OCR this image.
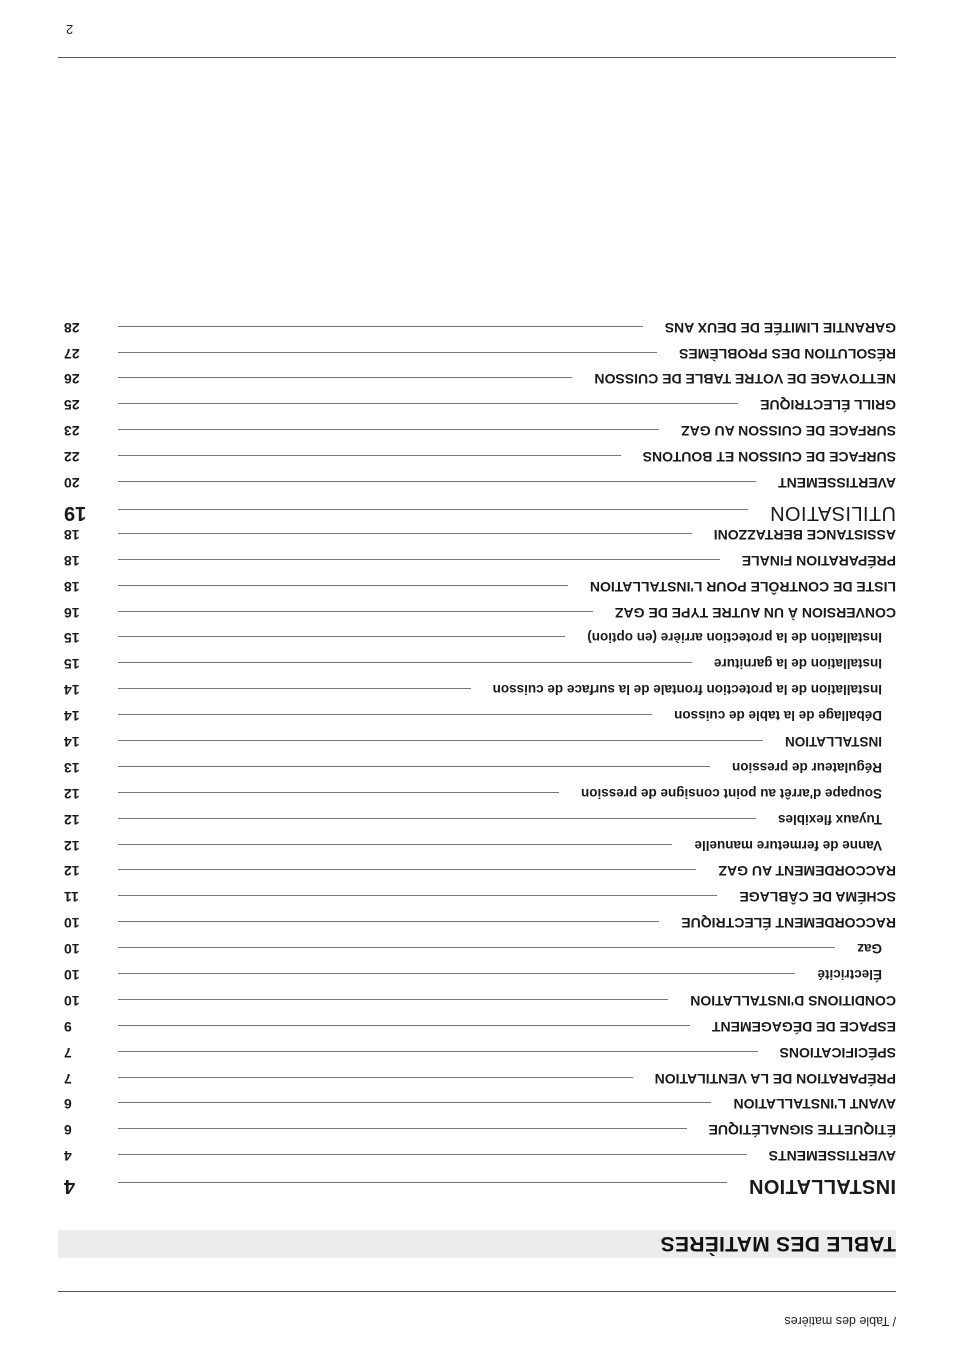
/ Table des matières
TABLE DES MATIÈRES
INSTALLATION
4
AVERTISSEMENTS
4
ÉTIQUETTE SIGNALÉTIQUE
6
AVANT L'INSTALLATION
6
PRÉPARATION DE LA VENTILATION
7
SPÉCIFICATIONS
7
ESPACE DE DÉGAGEMENT
9
CONDITIONS D'INSTALLATION
10
Électricité
10
Gaz
10
RACCORDEMENT ÉLECTRIQUE
10
SCHÉMA DE CÂBLAGE
11
RACCORDEMENT AU GAZ
12
Vanne de fermeture manuelle
12
Tuyaux flexibles
12
Soupape d'arrêt au point consigne de pression
12
Régulateur de pression
13
INSTALLATION
14
Déballage de la table de cuisson
14
Installation de la protection frontale de la surface de cuisson
14
Installation de la garniture
15
Installation de la protection arrière (en option)
15
CONVERSION À UN AUTRE TYPE DE GAZ
16
LISTE DE CONTRÔLE POUR L'INSTALLATION
18
PRÉPARATION FINALE
18
ASSISTANCE BERTAZZONI
18
UTILISATION
19
AVERTISSEMENT
20
SURFACE DE CUISSON ET BOUTONS
22
SURFACE DE CUISSON AU GAZ
23
GRILL ÉLECTRIQUE
25
NETTOYAGE DE VOTRE TABLE DE CUISSON
26
RÉSOLUTION DES PROBLÈMES
27
GARANTIE LIMITÉE DE DEUX ANS
28
2
